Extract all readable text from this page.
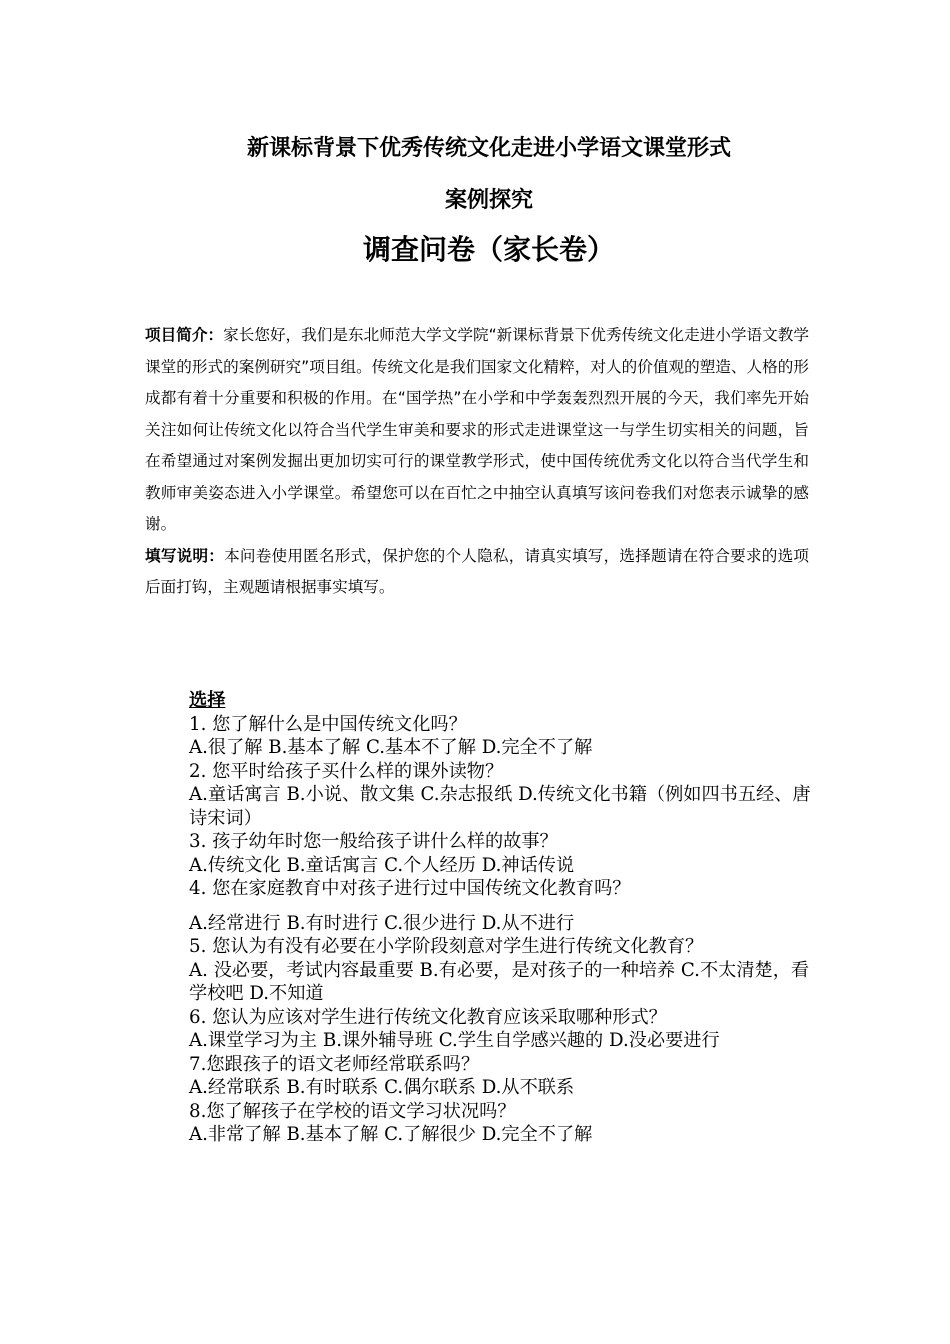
新课标背景下优秀传统文化走进小学语文课堂形式
案例探究
调查问卷（家长卷）

项目简介：家长您好，我们是东北师范大学文学院“新课标背景下优秀传统文化走进小学语文教学课堂的形式的案例研究”项目组。传统文化是我们国家文化精粹，对人的价值观的塑造、人格的形成都有着十分重要和积极的作用。在“国学热”在小学和中学轰轰烈烈开展的今天，我们率先开始关注如何让传统文化以符合当代学生审美和要求的形式走进课堂这一与学生切实相关的问题，旨在希望通过对案例发掘出更加切实可行的课堂教学形式，使中国传统优秀文化以符合当代学生和教师审美姿态进入小学课堂。希望您可以在百忙之中抽空认真填写该问卷我们对您表示诚挚的感谢。

填写说明：本问卷使用匿名形式，保护您的个人隐私，请真实填写，选择题请在符合要求的选项后面打钩，主观题请根据事实填写。

选择

1. 您了解什么是中国传统文化吗？

A.很了解 B.基本了解 C.基本不了解 D.完全不了解

2. 您平时给孩子买什么样的课外读物？

A.童话寓言 B.小说、散文集 C.杂志报纸 D.传统文化书籍（例如四书五经、唐诗宋词）

3. 孩子幼年时您一般给孩子讲什么样的故事？

A.传统文化 B.童话寓言 C.个人经历 D.神话传说

4. 您在家庭教育中对孩子进行过中国传统文化教育吗？

A.经常进行 B.有时进行 C.很少进行 D.从不进行

5. 您认为有没有必要在小学阶段刻意对学生进行传统文化教育？

A. 没必要，考试内容最重要 B.有必要，是对孩子的一种培养 C.不太清楚，看学校吧 D.不知道

6. 您认为应该对学生进行传统文化教育应该采取哪种形式？

A.课堂学习为主 B.课外辅导班 C.学生自学感兴趣的 D.没必要进行

7.您跟孩子的语文老师经常联系吗？

A.经常联系 B.有时联系 C.偶尔联系 D.从不联系

8.您了解孩子在学校的语文学习状况吗？

A.非常了解 B.基本了解 C.了解很少 D.完全不了解
